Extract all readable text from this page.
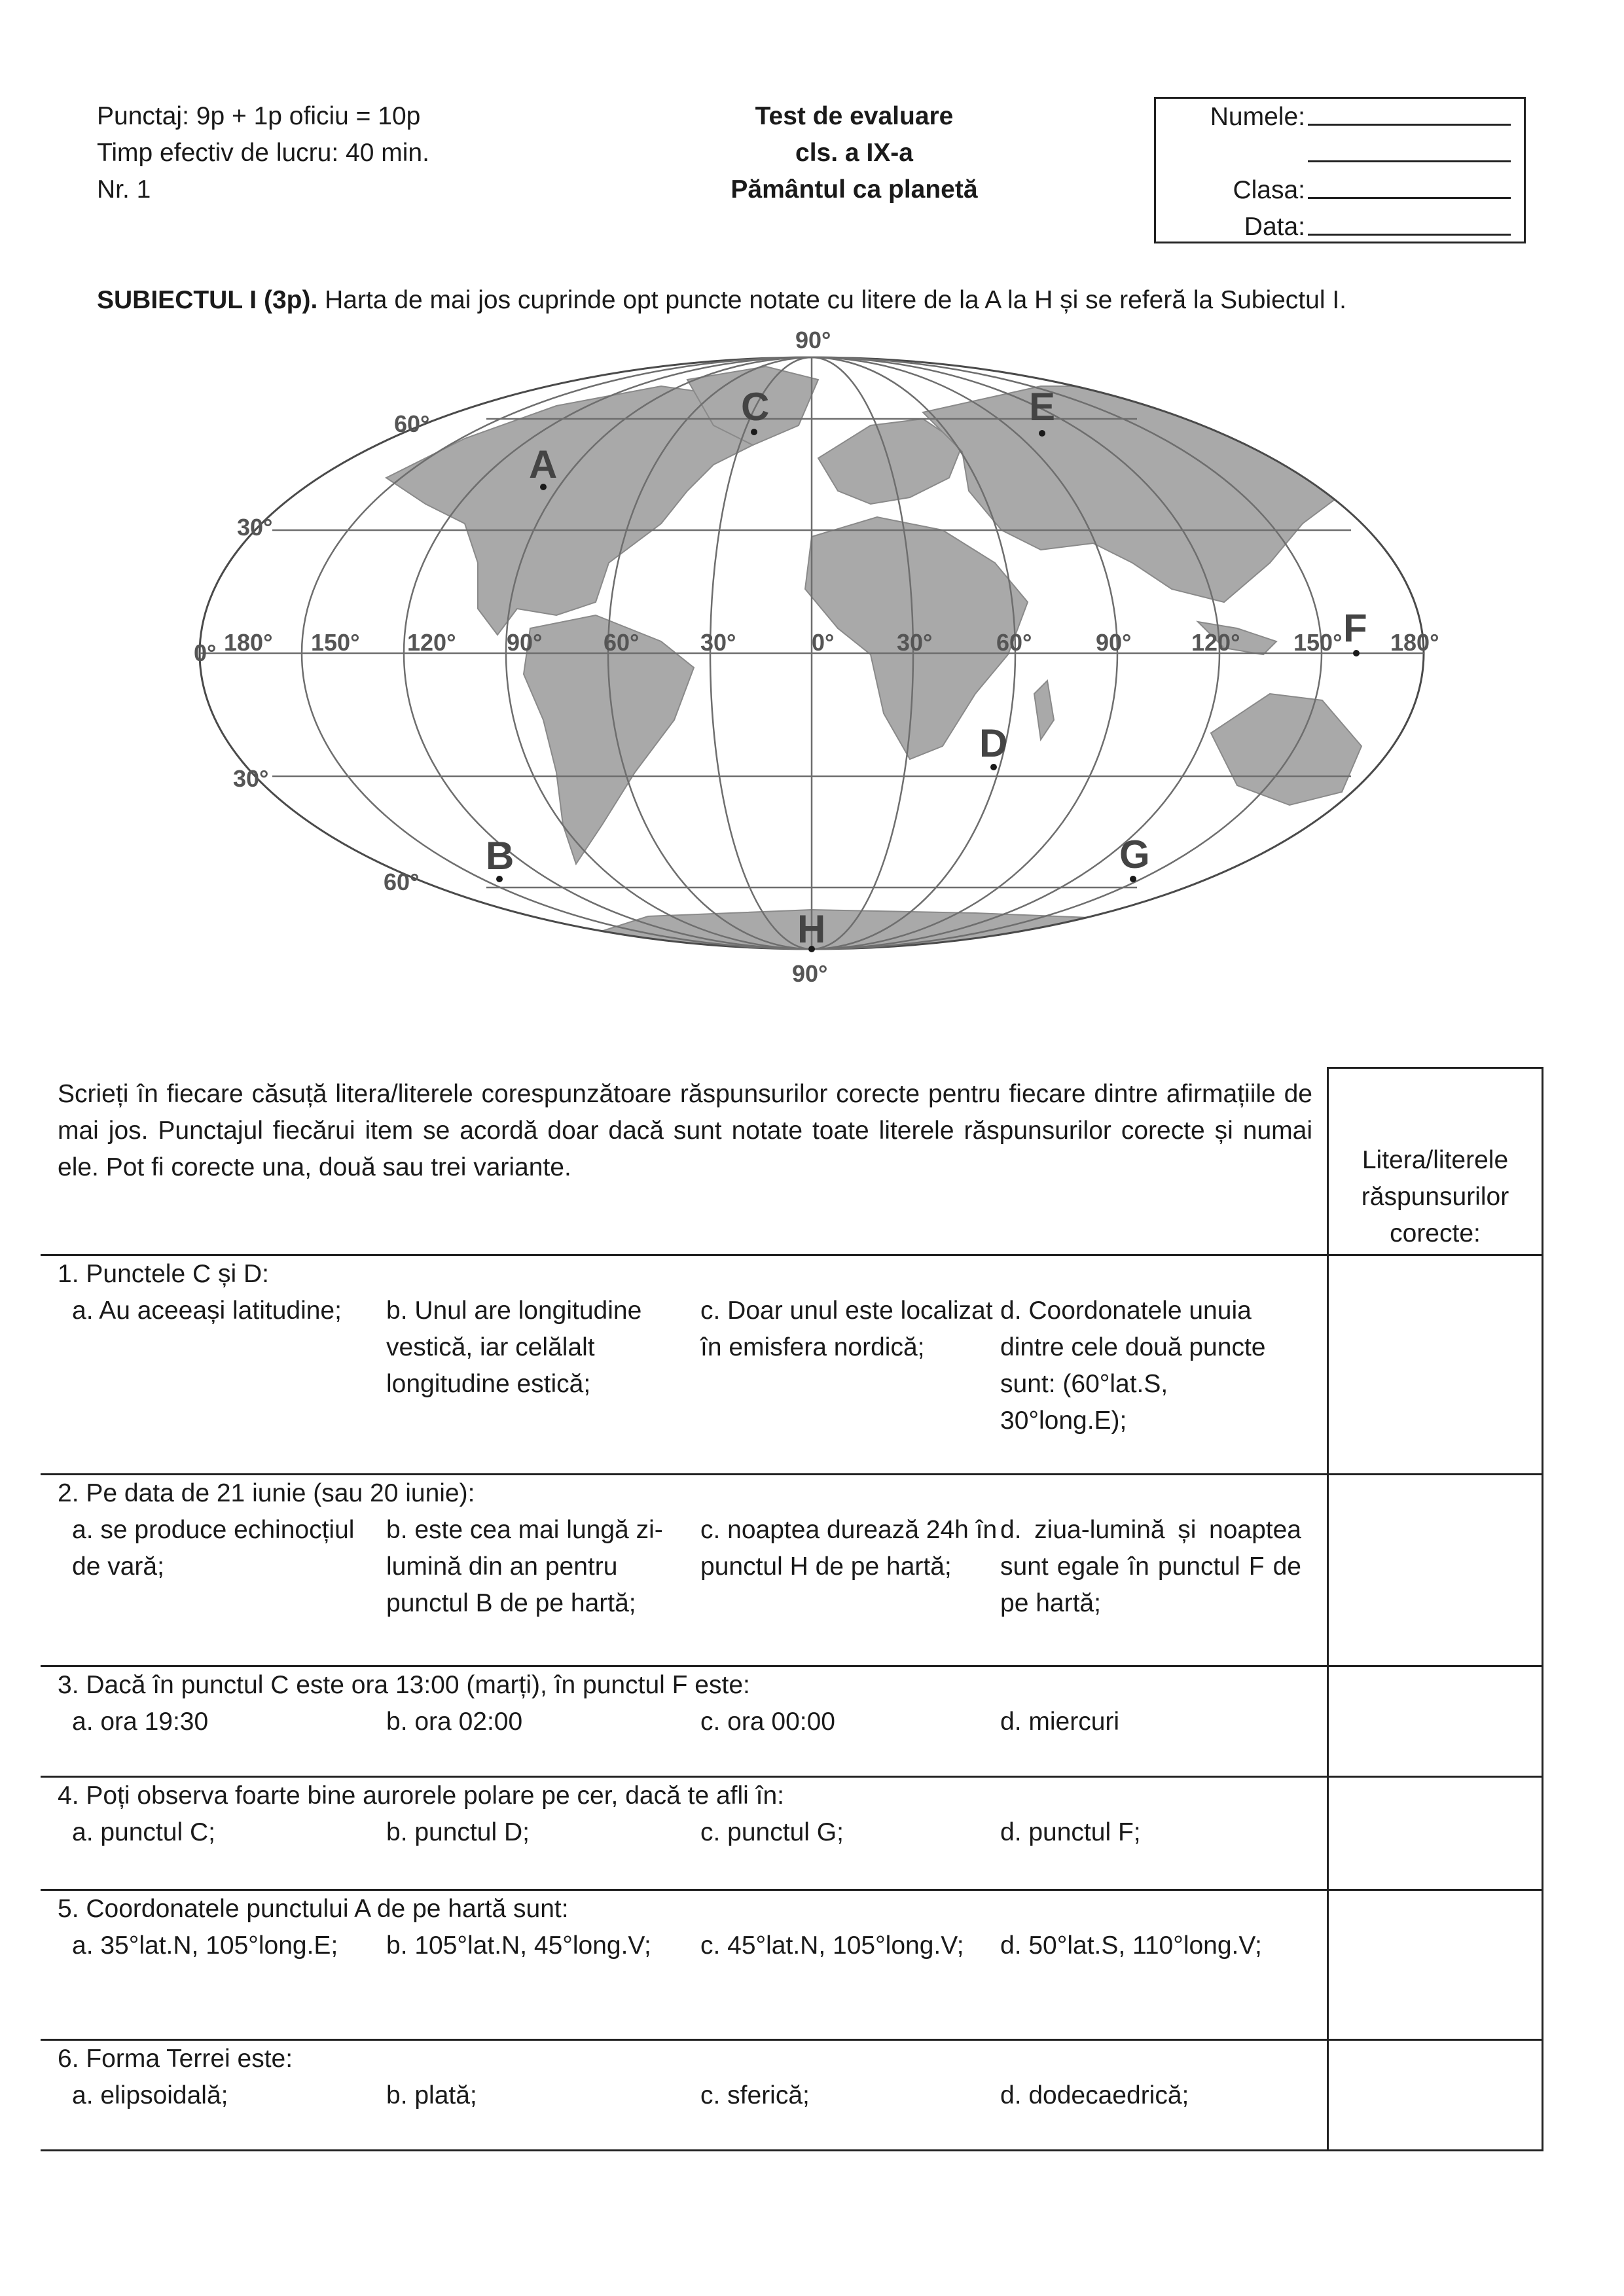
Punctaj: 9p + 1p oficiu = 10p
Timp efectiv de lucru: 40 min.
Nr. 1
Test de evaluare
cls. a IX-a
Pământul ca planetă
Numele:
Clasa:
Data:
SUBIECTUL I (3p). Harta de mai jos cuprinde opt puncte notate cu litere de la A la H și se referă la Subiectul I.
90°
60°
30°
0°
30°
60°
90°
180° 150° 120° 90°	60°	30°	0°	30°	60°	90°	120° 150° 180°
A
B
C
D
E
F
G
H
Scrieți în fiecare căsuță litera/literele corespunzătoare răspunsurilor corecte pentru fiecare dintre afirmațiile de mai jos. Punctajul fiecărui item se acordă doar dacă sunt notate toate literele răspunsurilor corecte și numai ele. Pot fi corecte una, două sau trei variante.	Litera/literele răspunsurilor corecte:

1. Punctele C și D:
a. Au aceeași latitudine; b. Unul are longitudine vestică, iar celălalt longitudine estică;
c. Doar unul este localizat în emisfera nordică;
d. Coordonatele unuia dintre cele două puncte sunt: (60°lat.S, 30°long.E);	

2. Pe data de 21 iunie (sau 20 iunie):
a. se produce echinocțiul de vară;
b. este cea mai lungă zi-lumină din an pentru punctul B de pe hartă;
c. noaptea durează 24h în punctul H de pe hartă;
d. ziua-lumină și noaptea sunt egale în punctul F de pe hartă;	

3. Dacă în punctul C este ora 13:00 (marți), în punctul F este:
a. ora 19:30 b. ora 02:00 c. ora 00:00 d. miercuri	

4. Poți observa foarte bine aurorele polare pe cer, dacă te afli în:
a. punctul C; b. punctul D; c. punctul G; d. punctul F;	

5. Coordonatele punctului A de pe hartă sunt:
a. 35°lat.N, 105°long.E; b. 105°lat.N, 45°long.V; c. 45°lat.N, 105°long.V; d. 50°lat.S, 110°long.V;	

6. Forma Terrei este:
a. elipsoidală; b. plată; c. sferică; d. dodecaedrică;	
